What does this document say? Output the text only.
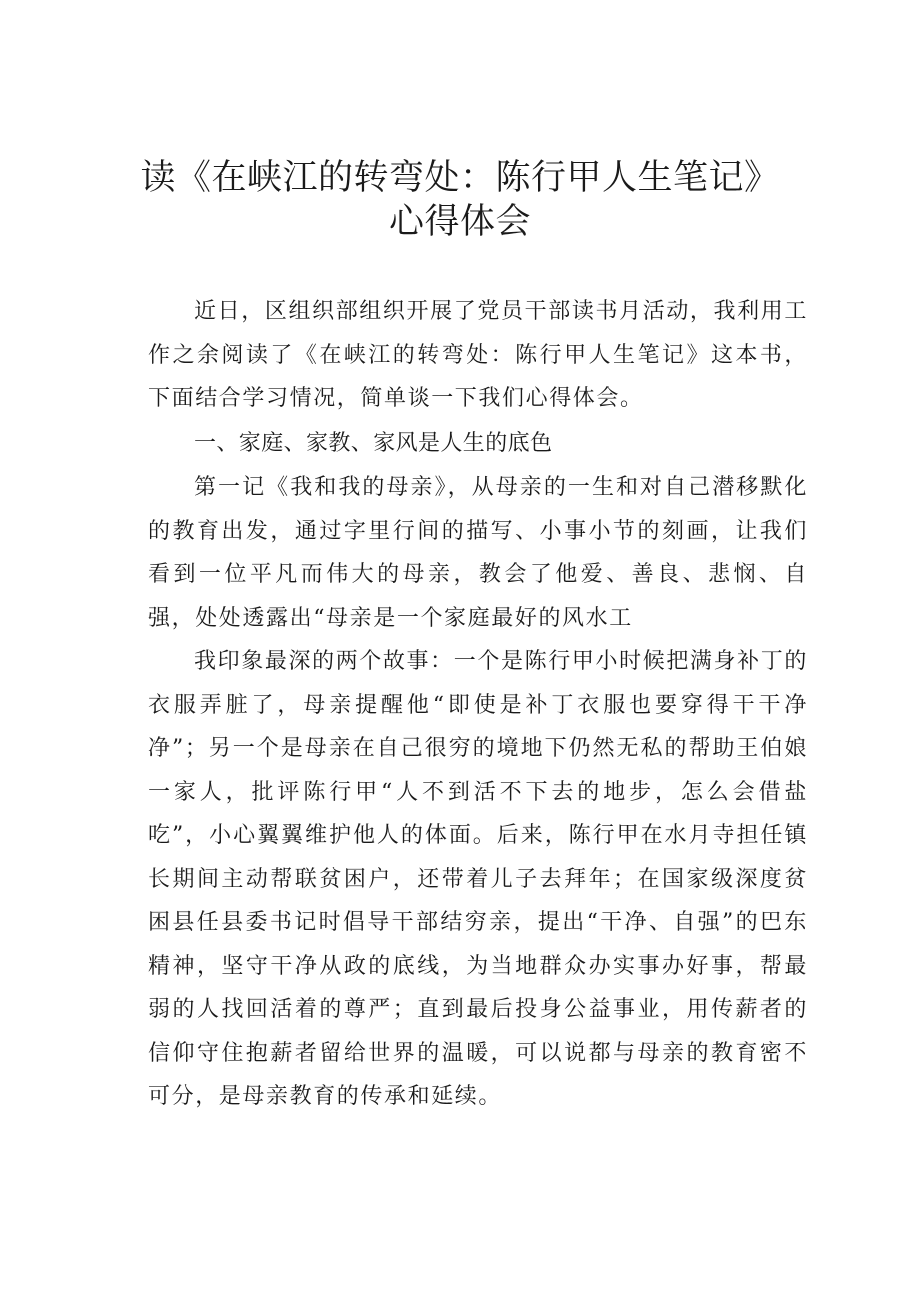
读《在峡江的转弯处：陈行甲人生笔记》
心得体会

近日，区组织部组织开展了党员干部读书月活动，我利用工作之余阅读了《在峡江的转弯处：陈行甲人生笔记》这本书，下面结合学习情况，简单谈一下我们心得体会。

一、家庭、家教、家风是人生的底色

第一记《我和我的母亲》，从母亲的一生和对自己潜移默化的教育出发，通过字里行间的描写、小事小节的刻画，让我们看到一位平凡而伟大的母亲，教会了他爱、善良、悲悯、自强，处处透露出“母亲是一个家庭最好的风水工

我印象最深的两个故事：一个是陈行甲小时候把满身补丁的衣服弄脏了，母亲提醒他“即使是补丁衣服也要穿得干干净净”；另一个是母亲在自己很穷的境地下仍然无私的帮助王伯娘一家人，批评陈行甲“人不到活不下去的地步，怎么会借盐吃”，小心翼翼维护他人的体面。后来，陈行甲在水月寺担任镇长期间主动帮联贫困户，还带着儿子去拜年；在国家级深度贫困县任县委书记时倡导干部结穷亲，提出“干净、自强”的巴东精神，坚守干净从政的底线，为当地群众办实事办好事，帮最弱的人找回活着的尊严；直到最后投身公益事业，用传薪者的信仰守住抱薪者留给世界的温暖，可以说都与母亲的教育密不可分，是母亲教育的传承和延续。
